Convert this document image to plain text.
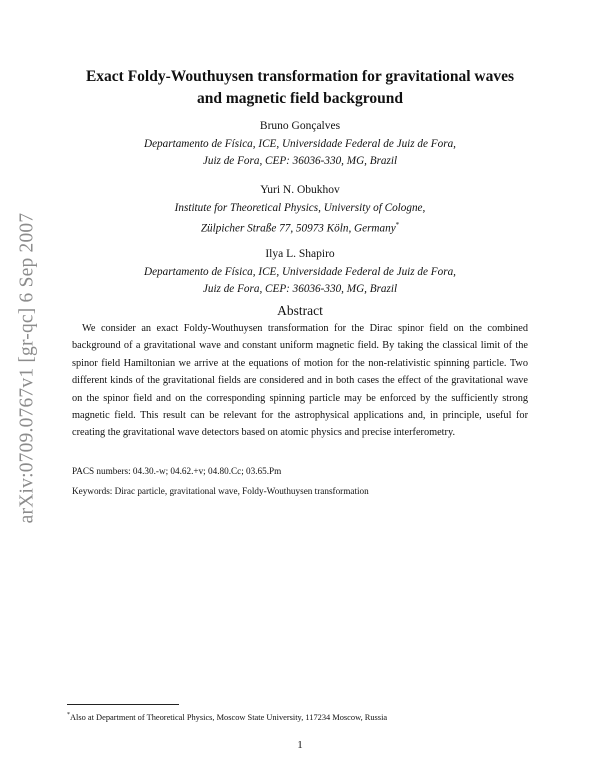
arXiv:0709.0767v1 [gr-qc] 6 Sep 2007
Exact Foldy-Wouthuysen transformation for gravitational waves
and magnetic field background
Bruno Gonçalves
Departamento de Física, ICE, Universidade Federal de Juiz de Fora,
Juiz de Fora, CEP: 36036-330, MG, Brazil
Yuri N. Obukhov
Institute for Theoretical Physics, University of Cologne,
Zülpicher Straße 77, 50973 Köln, Germany*
Ilya L. Shapiro
Departamento de Física, ICE, Universidade Federal de Juiz de Fora,
Juiz de Fora, CEP: 36036-330, MG, Brazil
Abstract
We consider an exact Foldy-Wouthuysen transformation for the Dirac spinor field on the combined background of a gravitational wave and constant uniform magnetic field. By taking the classical limit of the spinor field Hamiltonian we arrive at the equations of motion for the non-relativistic spinning particle. Two different kinds of the gravitational fields are considered and in both cases the effect of the gravitational wave on the spinor field and on the corresponding spinning particle may be enforced by the sufficiently strong magnetic field. This result can be relevant for the astrophysical applications and, in principle, useful for creating the gravitational wave detectors based on atomic physics and precise interferometry.
PACS numbers: 04.30.-w; 04.62.+v; 04.80.Cc; 03.65.Pm
Keywords: Dirac particle, gravitational wave, Foldy-Wouthuysen transformation
*Also at Department of Theoretical Physics, Moscow State University, 117234 Moscow, Russia
1
